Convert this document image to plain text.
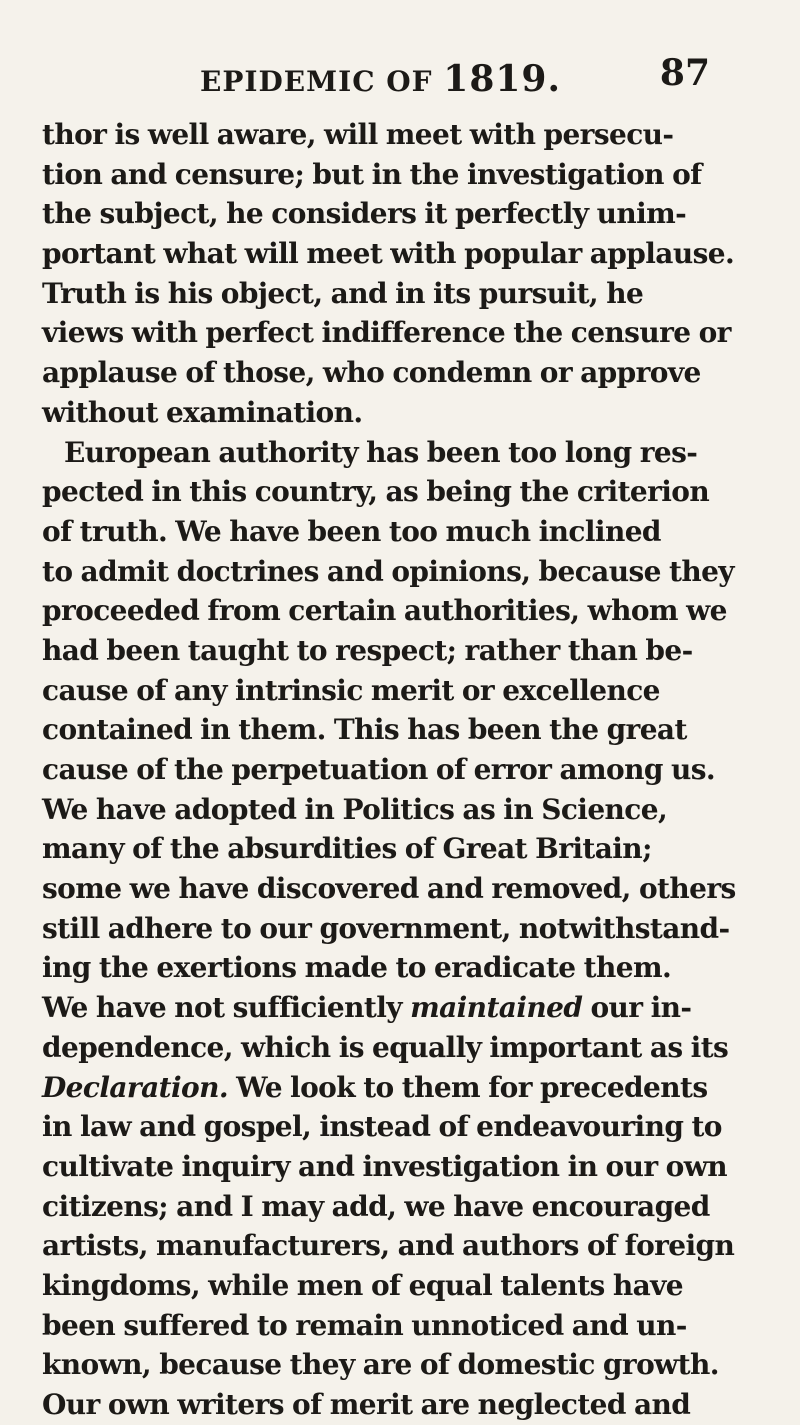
EPIDEMIC OF 1819.	87
thor is well aware, will meet with persecu-
tion and censure; but in the investigation of
the subject, he considers it perfectly unim-
portant what will meet with popular applause.
Truth is his object, and in its pursuit, he
views with perfect indifference the censure or
applause of those, who condemn or approve
without examination.
European authority has been too long res-
pected in this country, as being the criterion
of truth. We have been too much inclined
to admit doctrines and opinions, because they
proceeded from certain authorities, whom we
had been taught to respect; rather than be-
cause of any intrinsic merit or excellence
contained in them. This has been the great
cause of the perpetuation of error among us.
We have adopted in Politics as in Science,
many of the absurdities of Great Britain;
some we have discovered and removed, others
still adhere to our government, notwithstand-
ing the exertions made to eradicate them.
We have not sufficiently maintained our in-
dependence, which is equally important as its
Declaration. We look to them for precedents
in law and gospel, instead of endeavouring to
cultivate inquiry and investigation in our own
citizens; and I may add, we have encouraged
artists, manufacturers, and authors of foreign
kingdoms, while men of equal talents have
been suffered to remain unnoticed and un-
known, because they are of domestic growth.
Our own writers of merit are neglected and
